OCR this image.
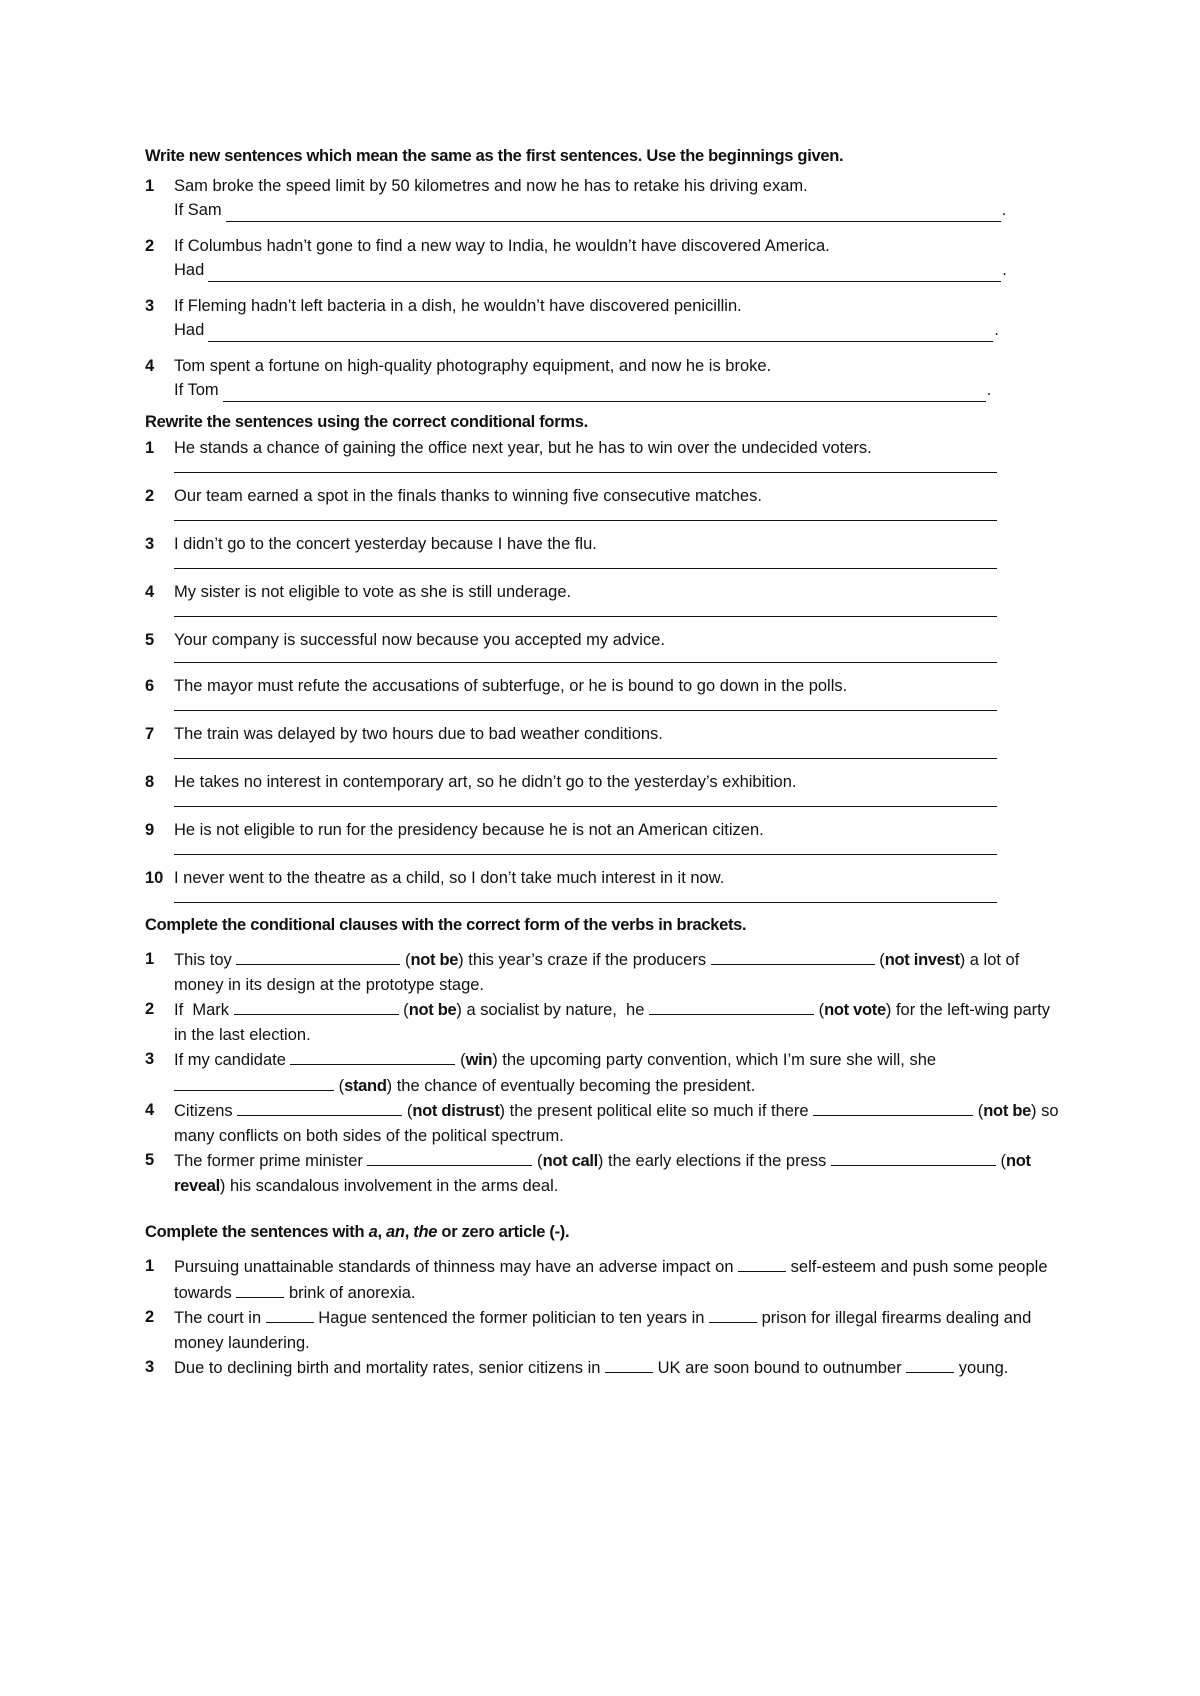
Write new sentences which mean the same as the first sentences. Use the beginnings given.
1	Sam broke the speed limit by 50 kilometres and now he has to retake his driving exam.
If Sam	.
2	If Columbus hadn’t gone to find a new way to India, he wouldn’t have discovered America.
Had	.
3	If Fleming hadn’t left bacteria in a dish, he wouldn’t have discovered penicillin.
Had	.
4	Tom spent a fortune on high-quality photography equipment, and now he is broke.
If Tom	.
Rewrite the sentences using the correct conditional forms.
1	He stands a chance of gaining the office next year, but he has to win over the undecided voters.
2	Our team earned a spot in the finals thanks to winning five consecutive matches.
3	I didn’t go to the concert yesterday because I have the flu.
4	My sister is not eligible to vote as she is still underage.
5	Your company is successful now because you accepted my advice.
6	The mayor must refute the accusations of subterfuge, or he is bound to go down in the polls.
7	The train was delayed by two hours due to bad weather conditions.
8	He takes no interest in contemporary art, so he didn’t go to the yesterday’s exhibition.
9	He is not eligible to run for the presidency because he is not an American citizen.
10 I never went to the theatre as a child, so I don’t take much interest in it now.
Complete the conditional clauses with the correct form of the verbs in brackets.
1	This toy	(not be) this year’s craze if the producers	(not invest) a lot of money in its design at the prototype stage.
2	If  Mark	(not be) a socialist by nature,  he	(not vote) for the left-wing party in the last election.
3	If my candidate	(win) the upcoming party convention, which I’m sure she will, she  (stand) the chance of eventually becoming the president.
4	Citizens	(not distrust) the present political elite so much if there	(not be) so many conflicts on both sides of the political spectrum.
5	The former prime minister	(not call) the early elections if the press	(not reveal) his scandalous involvement in the arms deal.
Complete the sentences with a, an, the or zero article (-).
1	Pursuing unattainable standards of thinness may have an adverse impact on	self-esteem and push some people towards	brink of anorexia.
2	The court in	Hague sentenced the former politician to ten years in	prison for illegal firearms dealing and money laundering.
3	Due to declining birth and mortality rates, senior citizens in	UK are soon bound to outnumber	young.
